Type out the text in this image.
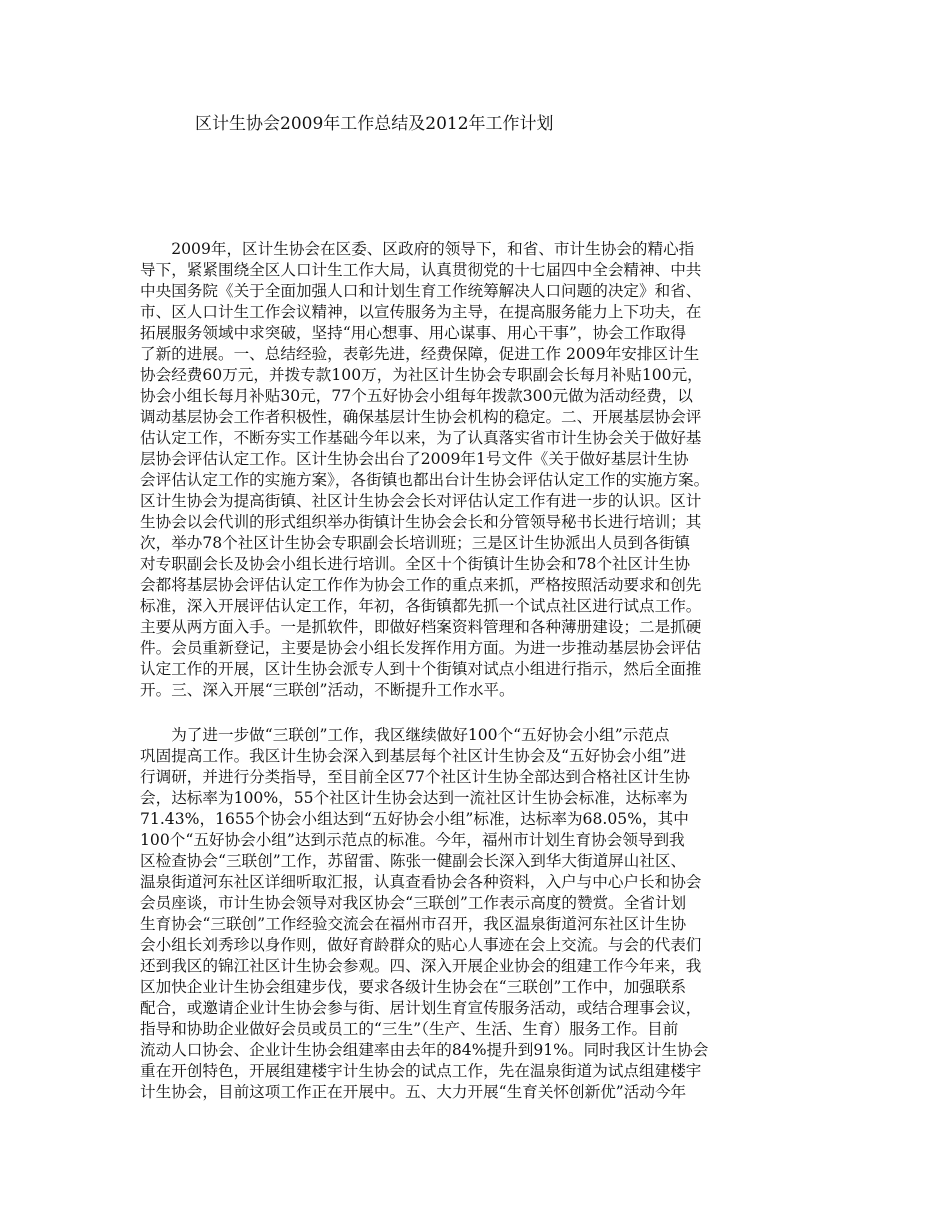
区计生协会2009年工作总结及2012年工作计划

　　2009年，区计生协会在区委、区政府的领导下，和省、市计生协会的精心指
导下，紧紧围绕全区人口计生工作大局，认真贯彻党的十七届四中全会精神、中共
中央国务院《关于全面加强人口和计划生育工作统筹解决人口问题的决定》和省、
市、区人口计生工作会议精神，以宣传服务为主导，在提高服务能力上下功夫，在
拓展服务领域中求突破，坚持“用心想事、用心谋事、用心干事”，协会工作取得
了新的进展。一、总结经验，表彰先进，经费保障，促进工作 2009年安排区计生
协会经费60万元，并拨专款100万，为社区计生协会专职副会长每月补贴100元，
协会小组长每月补贴30元，77个五好协会小组每年拨款300元做为活动经费，以
调动基层协会工作者积极性，确保基层计生协会机构的稳定。二、开展基层协会评
估认定工作，不断夯实工作基础今年以来，为了认真落实省市计生协会关于做好基
层协会评估认定工作。区计生协会出台了2009年1号文件《关于做好基层计生协
会评估认定工作的实施方案》，各街镇也都出台计生协会评估认定工作的实施方案。
区计生协会为提高街镇、社区计生协会会长对评估认定工作有进一步的认识。区计
生协会以会代训的形式组织举办街镇计生协会会长和分管领导秘书长进行培训；其
次，举办78个社区计生协会专职副会长培训班；三是区计生协派出人员到各街镇
对专职副会长及协会小组长进行培训。全区十个街镇计生协会和78个社区计生协
会都将基层协会评估认定工作作为协会工作的重点来抓，严格按照活动要求和创先
标准，深入开展评估认定工作，年初，各街镇都先抓一个试点社区进行试点工作。
主要从两方面入手。一是抓软件，即做好档案资料管理和各种薄册建设；二是抓硬
件。会员重新登记，主要是协会小组长发挥作用方面。为进一步推动基层协会评估
认定工作的开展，区计生协会派专人到十个街镇对试点小组进行指示，然后全面推
开。三、深入开展“三联创”活动，不断提升工作水平。

　　为了进一步做“三联创”工作，我区继续做好100个“五好协会小组”示范点
巩固提高工作。我区计生协会深入到基层每个社区计生协会及“五好协会小组”进
行调研，并进行分类指导，至目前全区77个社区计生协全部达到合格社区计生协
会，达标率为100%，55个社区计生协会达到一流社区计生协会标准，达标率为
71.43%，1655个协会小组达到“五好协会小组”标准，达标率为68.05%，其中
100个“五好协会小组”达到示范点的标准。今年，福州市计划生育协会领导到我
区检查协会“三联创”工作，苏留雷、陈张一健副会长深入到华大街道屏山社区、
温泉街道河东社区详细听取汇报，认真查看协会各种资料，入户与中心户长和协会
会员座谈，市计生协会领导对我区协会“三联创”工作表示高度的赞赏。全省计划
生育协会“三联创”工作经验交流会在福州市召开，我区温泉街道河东社区计生协
会小组长刘秀珍以身作则，做好育龄群众的贴心人事迹在会上交流。与会的代表们
还到我区的锦江社区计生协会参观。四、深入开展企业协会的组建工作今年来，我
区加快企业计生协会组建步伐，要求各级计生协会在“三联创”工作中，加强联系
配合，或邀请企业计生协会参与街、居计划生育宣传服务活动，或结合理事会议，
指导和协助企业做好会员或员工的“三生”（生产、生活、生育）服务工作。目前
流动人口协会、企业计生协会组建率由去年的84%提升到91%。同时我区计生协会
重在开创特色，开展组建楼宇计生协会的试点工作，先在温泉街道为试点组建楼宇
计生协会，目前这项工作正在开展中。五、大力开展“生育关怀创新优”活动今年
